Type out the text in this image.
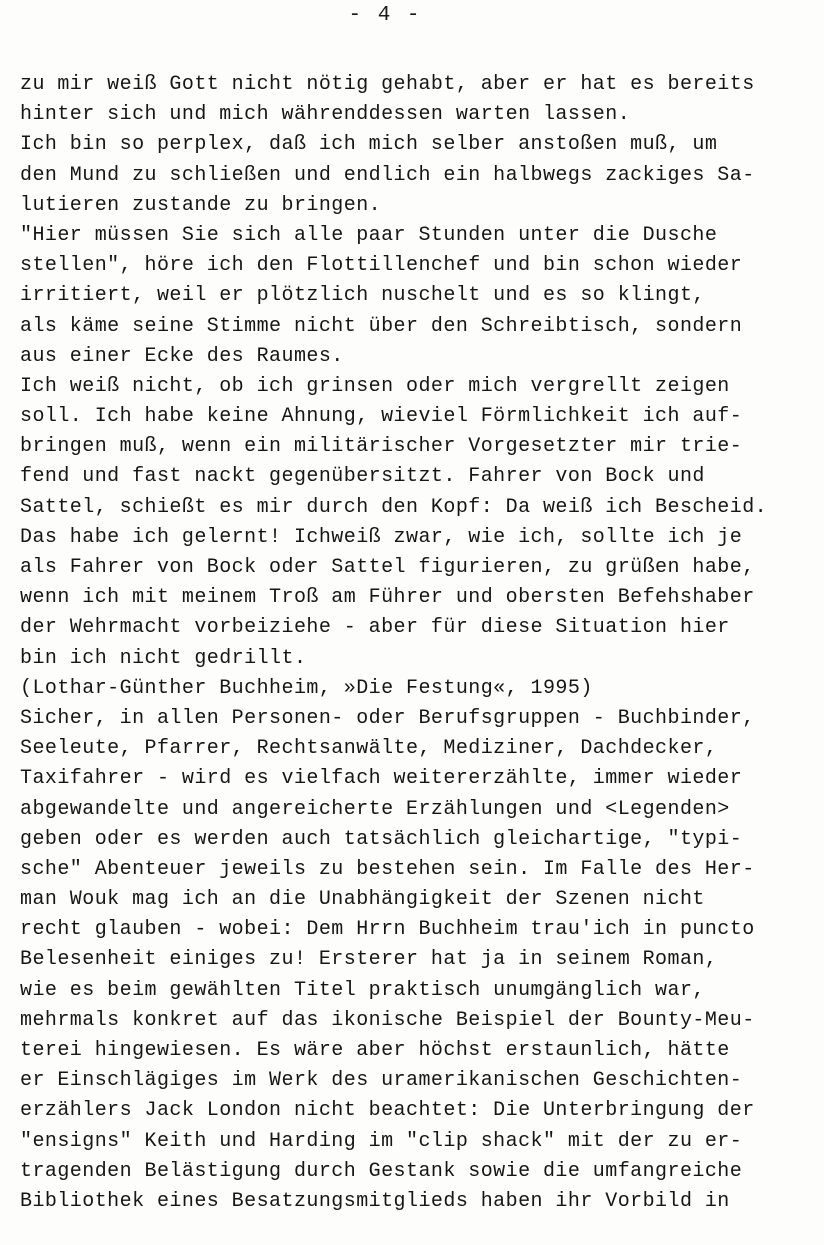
- 4 -
zu mir weiß Gott nicht nötig gehabt, aber er hat es bereits
hinter sich und mich währenddessen warten lassen.
Ich bin so perplex, daß ich mich selber anstoßen muß, um
den Mund zu schließen und endlich ein halbwegs zackiges Sa-
lutieren zustande zu bringen.
"Hier müssen Sie sich alle paar Stunden unter die Dusche
stellen", höre ich den Flottillenchef und bin schon wieder
irritiert, weil er plötzlich nuschelt und es so klingt,
als käme seine Stimme nicht über den Schreibtisch, sondern
aus einer Ecke des Raumes.
Ich weiß nicht, ob ich grinsen oder mich vergrellt zeigen
soll. Ich habe keine Ahnung, wieviel Förmlichkeit ich auf-
bringen muß, wenn ein militärischer Vorgesetzter mir trie-
fend und fast nackt gegenübersitzt. Fahrer von Bock und
Sattel, schießt es mir durch den Kopf: Da weiß ich Bescheid.
Das habe ich gelernt! Ichweiß zwar, wie ich, sollte ich je
als Fahrer von Bock oder Sattel figurieren, zu grüßen habe,
wenn ich mit meinem Troß am Führer und obersten Befehshaber
der Wehrmacht vorbeiziehe - aber für diese Situation hier
bin ich nicht gedrillt.
(Lothar-Günther Buchheim, »Die Festung«, 1995)
Sicher, in allen Personen- oder Berufsgruppen - Buchbinder,
Seeleute, Pfarrer, Rechtsanwälte, Mediziner, Dachdecker,
Taxifahrer - wird es vielfach weitererzählte, immer wieder
abgewandelte und angereicherte Erzählungen und <Legenden>
geben oder es werden auch tatsächlich gleichartige, "typi-
sche" Abenteuer jeweils zu bestehen sein. Im Falle des Her-
man Wouk mag ich an die Unabhängigkeit der Szenen nicht
recht glauben - wobei: Dem Hrrn Buchheim trau'ich in puncto
Belesenheit einiges zu! Ersterer hat ja in seinem Roman,
wie es beim gewählten Titel praktisch unumgänglich war,
mehrmals konkret auf das ikonische Beispiel der Bounty-Meu-
terei hingewiesen. Es wäre aber höchst erstaunlich, hätte
er Einschlägiges im Werk des uramerikanischen Geschichten-
erzählers Jack London nicht beachtet: Die Unterbringung der
"ensigns" Keith und Harding im "clip shack" mit der zu er-
tragenden Belästigung durch Gestank sowie die umfangreiche
Bibliothek eines Besatzungsmitglieds haben ihr Vorbild in
